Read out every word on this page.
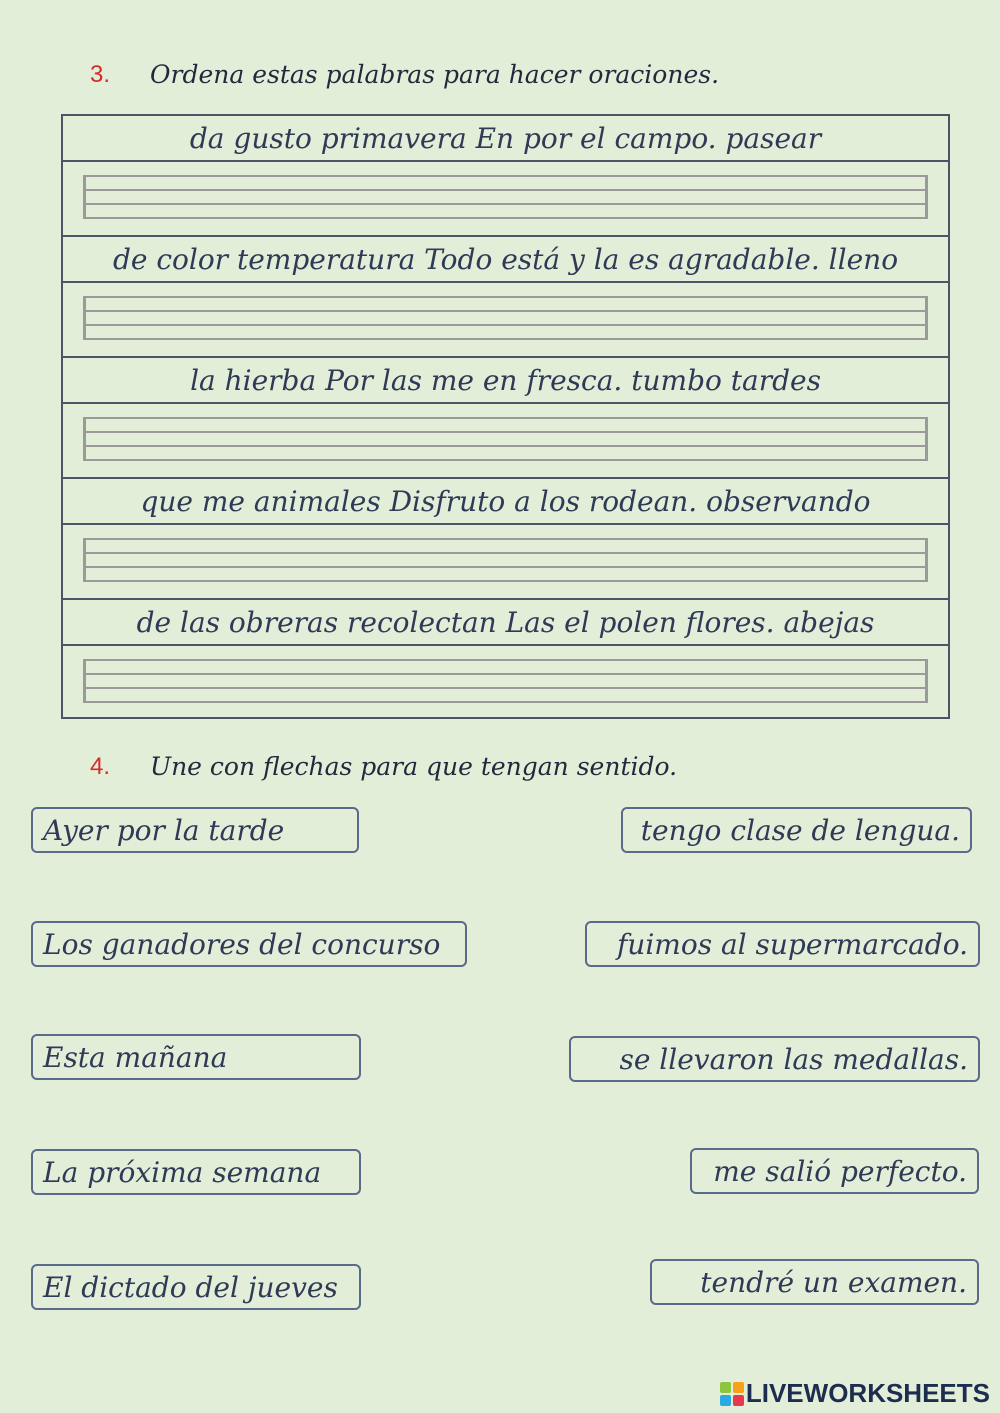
3.	Ordena estas palabras para hacer oraciones.
da gusto primavera En por el campo. pasear
de color temperatura Todo está y la es agradable. lleno
la hierba Por las me en fresca. tumbo tardes
que me animales Disfruto a los rodean. observando
de las obreras recolectan Las el polen flores. abejas
4.	Une con flechas para que tengan sentido.
Ayer por la tarde
Los ganadores del concurso
Esta mañana
La próxima semana
El dictado del jueves
tengo clase de lengua.
fuimos al supermarcado.
se llevaron las medallas.
me salió perfecto.
tendré un examen.
LIVEWORKSHEETS
